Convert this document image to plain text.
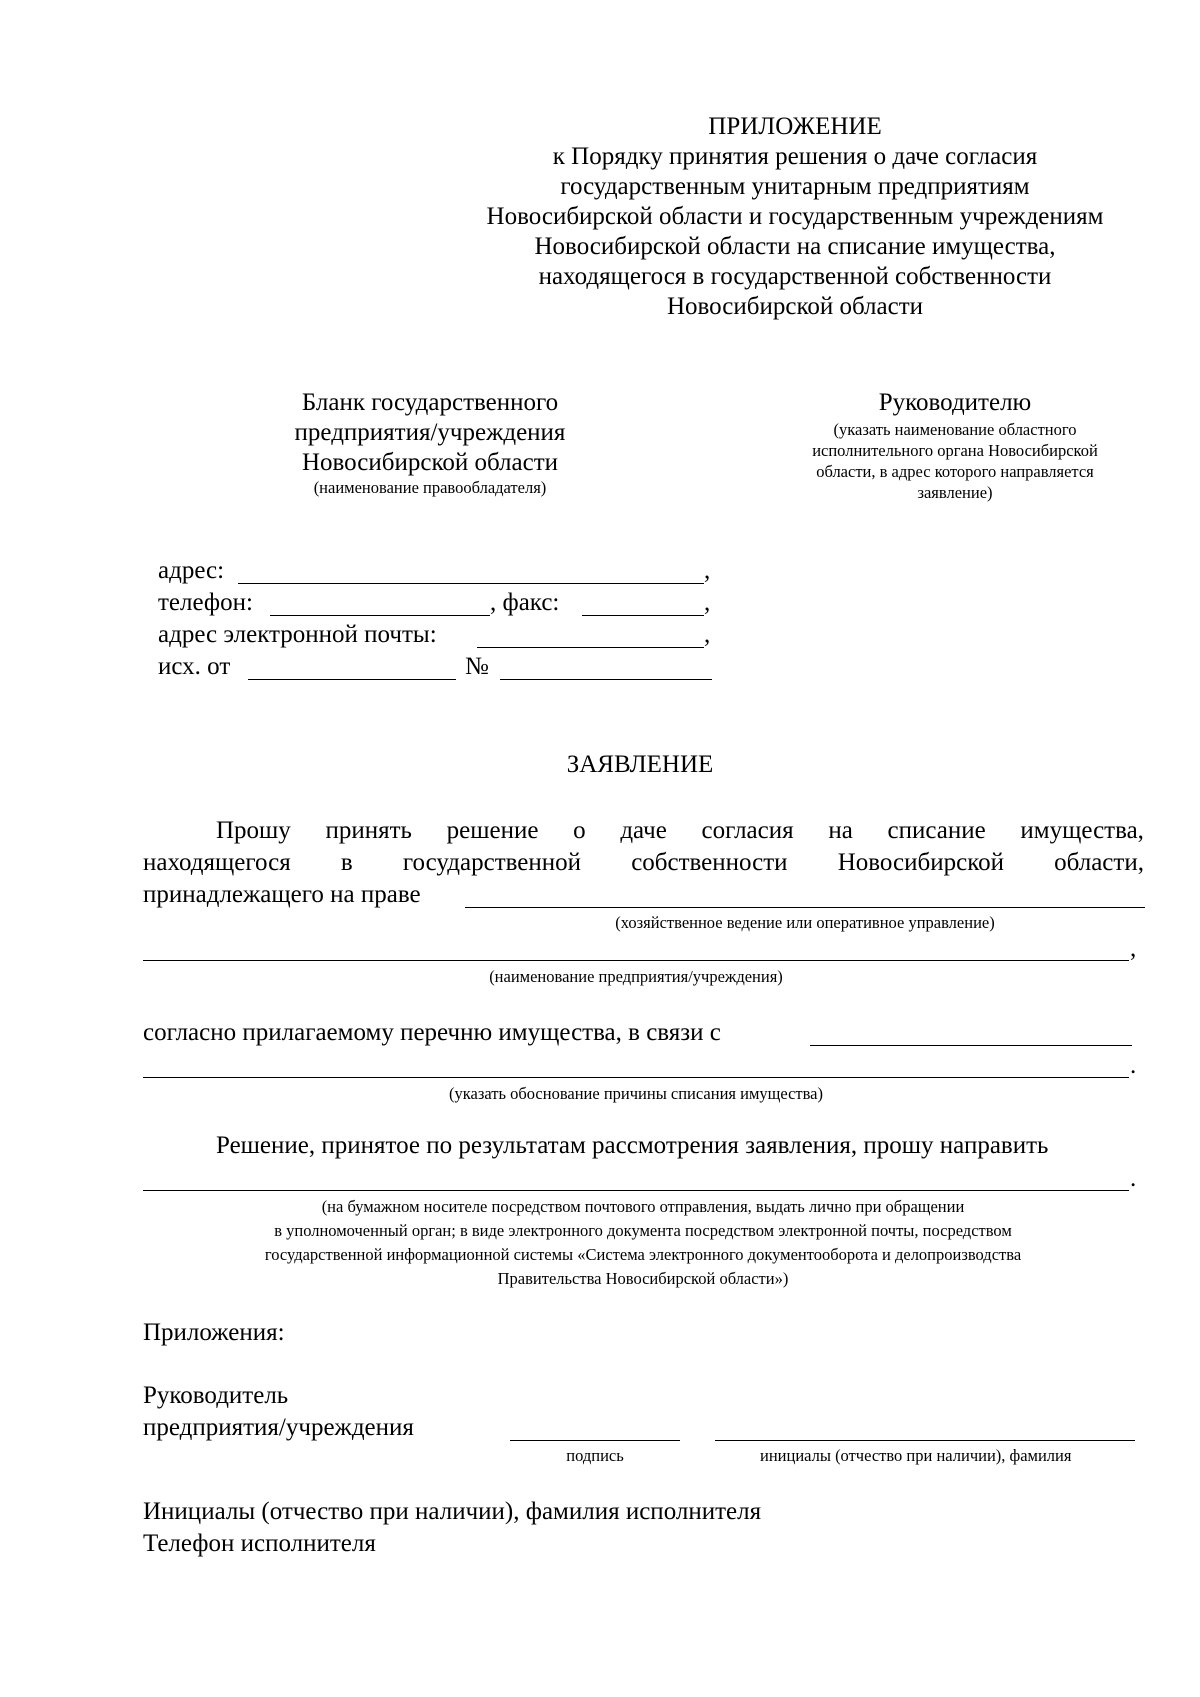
ПРИЛОЖЕНИЕ
к Порядку принятия решения о даче согласия
государственным унитарным предприятиям
Новосибирской области и государственным учреждениям
Новосибирской области на списание имущества,
находящегося в государственной собственности
Новосибирской области
Бланк государственного
предприятия/учреждения
Новосибирской области
(наименование правообладателя)
Руководителю
(указать наименование областного
исполнительного органа Новосибирской
области, в адрес которого направляется
заявление)
адрес:	,
телефон:	, факс:	,
адрес электронной почты:	,
исх. от	№
ЗАЯВЛЕНИЕ
Прошу принять решение о даче согласия на списание имущества,
находящегося в государственной собственности Новосибирской области,
принадлежащего на праве
(хозяйственное ведение или оперативное управление)
,
(наименование предприятия/учреждения)
согласно прилагаемому перечню имущества, в связи с
.
(указать обоснование причины списания имущества)
Решение, принятое по результатам рассмотрения заявления, прошу направить
.
(на бумажном носителе посредством почтового отправления, выдать лично при обращении
в уполномоченный орган; в виде электронного документа посредством электронной почты, посредством
государственной информационной системы «Система электронного документооборота и делопроизводства
Правительства Новосибирской области»)
Приложения:
Руководитель
предприятия/учреждения
подпись	инициалы (отчество при наличии), фамилия
Инициалы (отчество при наличии), фамилия исполнителя
Телефон исполнителя
